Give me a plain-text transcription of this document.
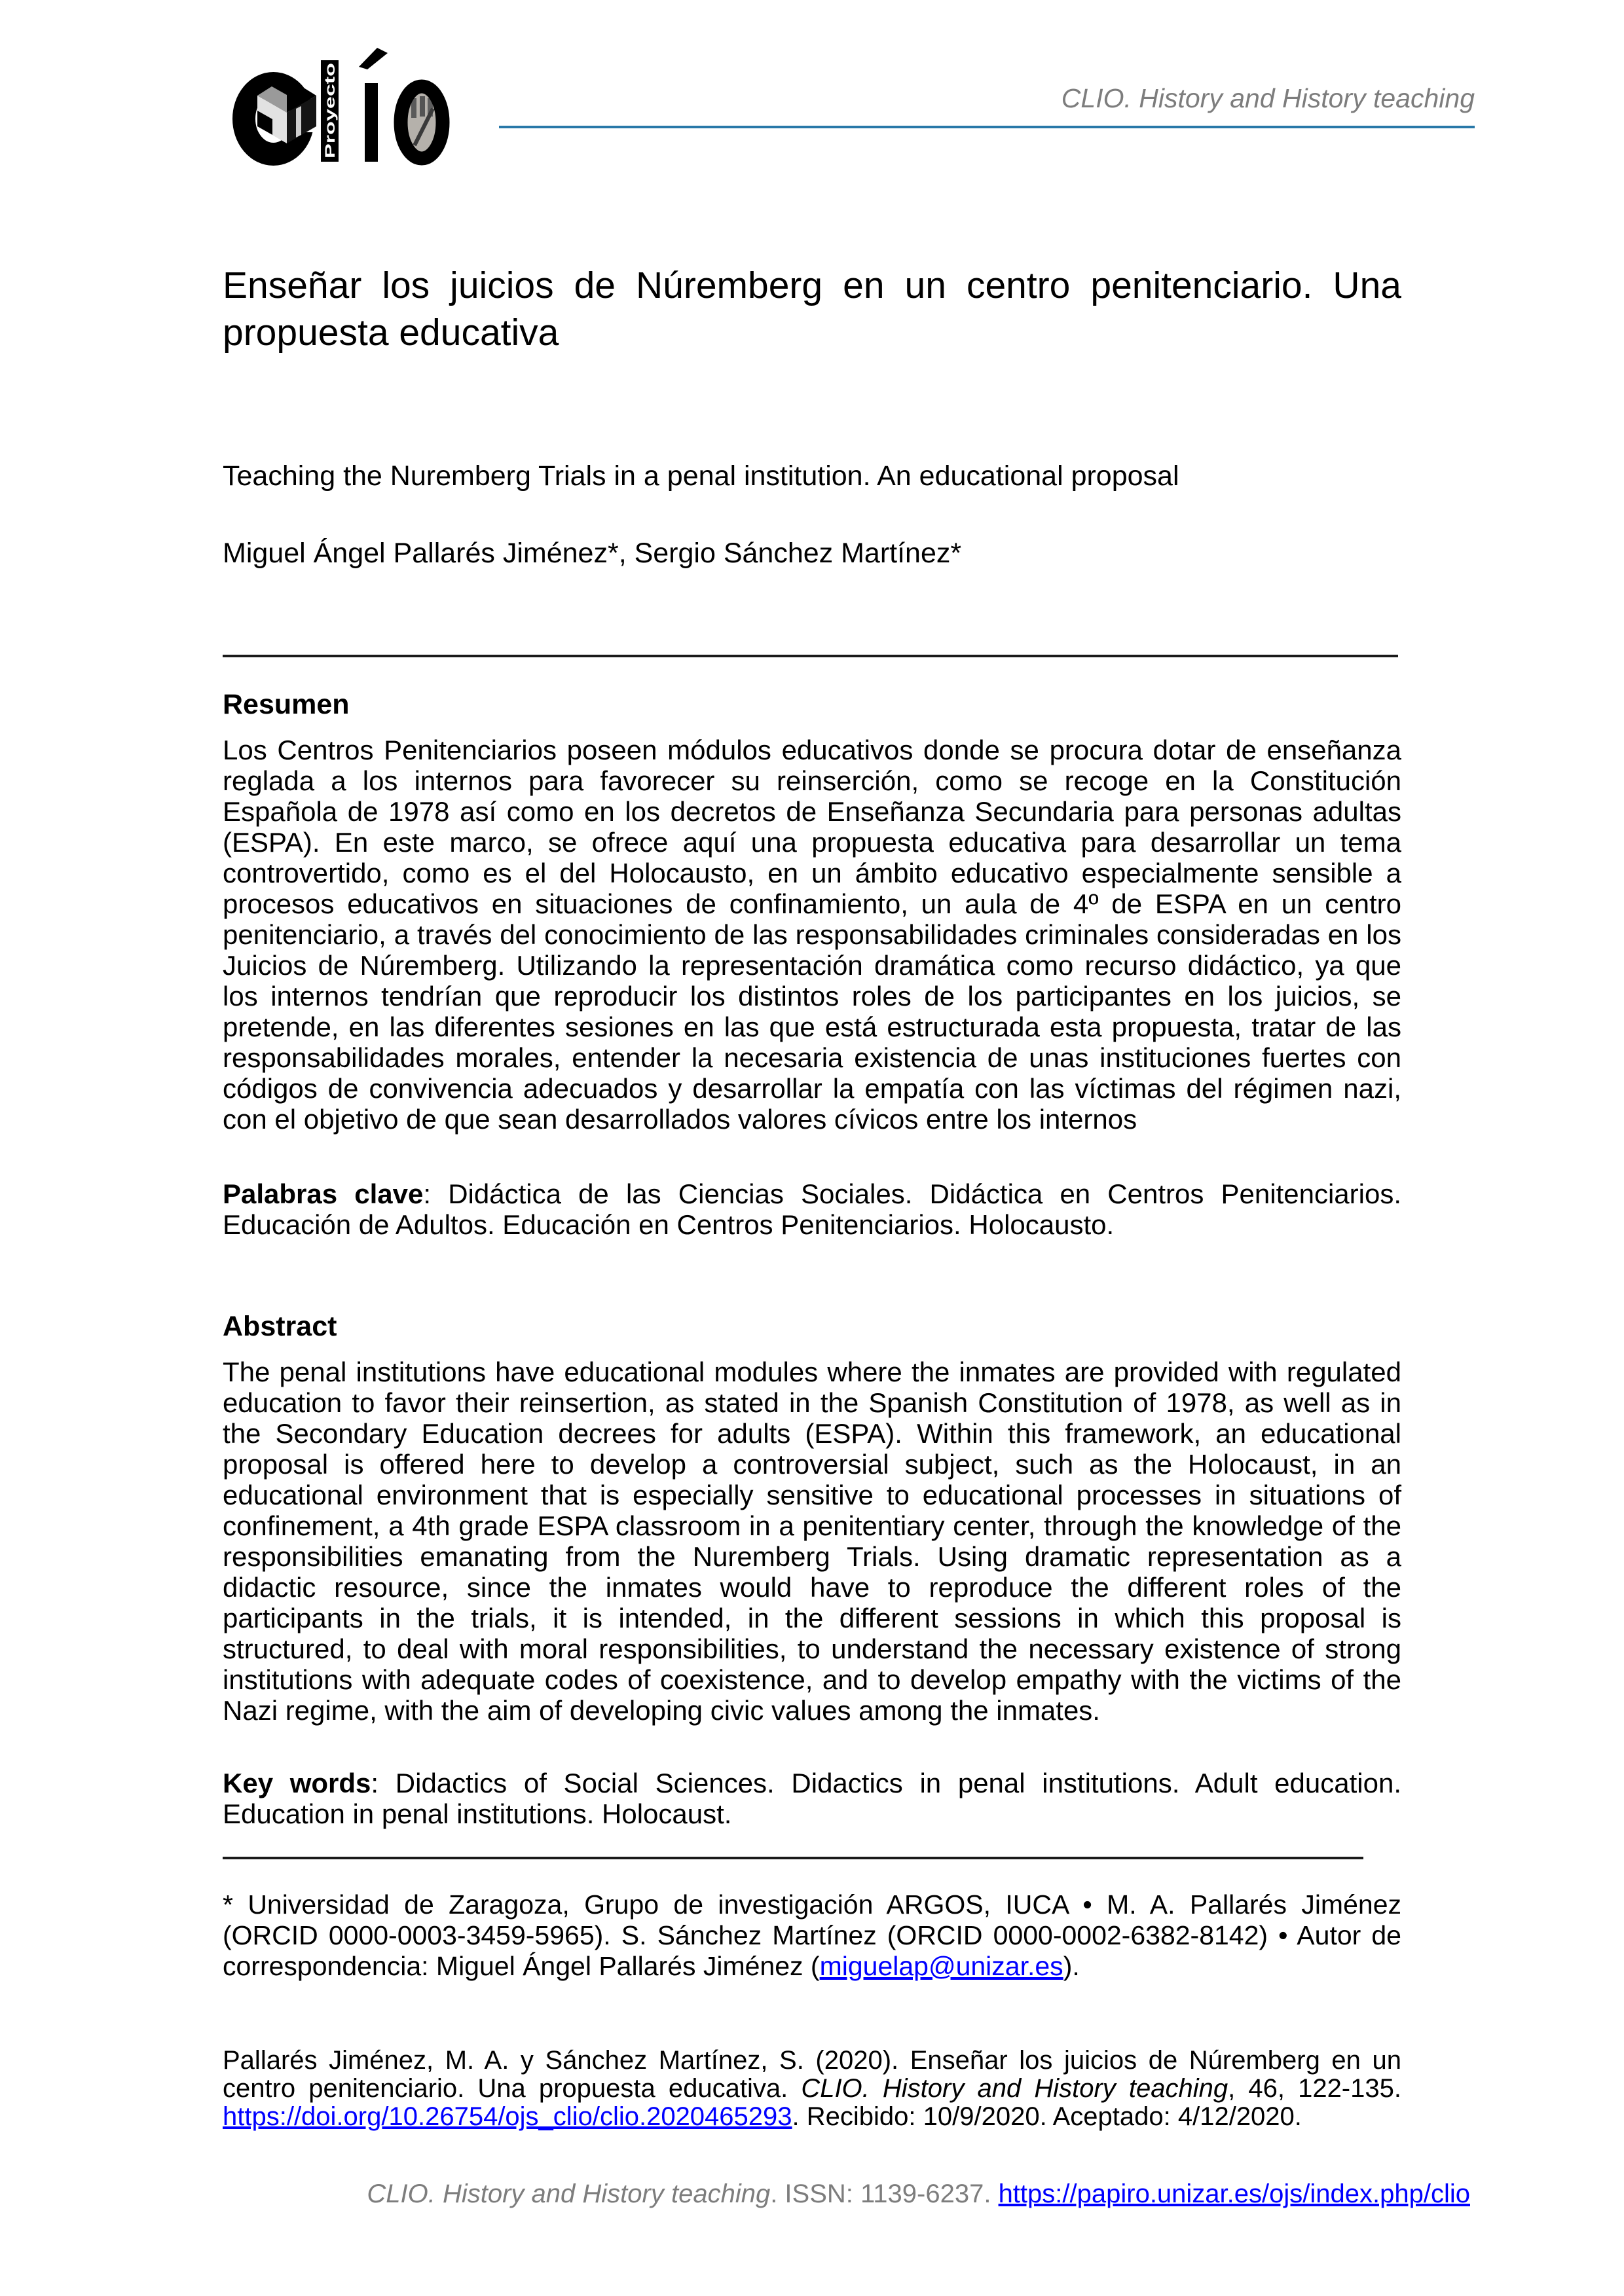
Proyecto
CLIO. History and History teaching
Enseñar los juicios de Núremberg en un centro penitenciario. Una propuesta educativa
Teaching the Nuremberg Trials in a penal institution. An educational proposal
Miguel Ángel Pallarés Jiménez*, Sergio Sánchez Martínez*
Resumen
Los Centros Penitenciarios poseen módulos educativos donde se procura dotar de enseñanza reglada a los internos para favorecer su reinserción, como se recoge en la Constitución Española de 1978 así como en los decretos de Enseñanza Secundaria para personas adultas (ESPA). En este marco, se ofrece aquí una propuesta educativa para desarrollar un tema controvertido, como es el del Holocausto, en un ámbito educativo especialmente sensible a procesos educativos en situaciones de confinamiento, un aula de 4º de ESPA en un centro penitenciario, a través del conocimiento de las responsabilidades criminales consideradas en los Juicios de Núremberg. Utilizando la representación dramática como recurso didáctico, ya que los internos tendrían que reproducir los distintos roles de los participantes en los juicios, se pretende, en las diferentes sesiones en las que está estructurada esta propuesta, tratar de las responsabilidades morales, entender la necesaria existencia de unas instituciones fuertes con códigos de convivencia adecuados y desarrollar la empatía con las víctimas del régimen nazi, con el objetivo de que sean desarrollados valores cívicos entre los internos
Palabras clave: Didáctica de las Ciencias Sociales. Didáctica en Centros Penitenciarios. Educación de Adultos. Educación en Centros Penitenciarios. Holocausto.
Abstract
The penal institutions have educational modules where the inmates are provided with regulated education to favor their reinsertion, as stated in the Spanish Constitution of 1978, as well as in the Secondary Education decrees for adults (ESPA). Within this framework, an educational proposal is offered here to develop a controversial subject, such as the Holocaust, in an educational environment that is especially sensitive to educational processes in situations of confinement, a 4th grade ESPA classroom in a penitentiary center, through the knowledge of the responsibilities emanating from the Nuremberg Trials. Using dramatic representation as a didactic resource, since the inmates would have to reproduce the different roles of the participants in the trials, it is intended, in the different sessions in which this proposal is structured, to deal with moral responsibilities, to understand the necessary existence of strong institutions with adequate codes of coexistence, and to develop empathy with the victims of the Nazi regime, with the aim of developing civic values among the inmates.
Key words: Didactics of Social Sciences. Didactics in penal institutions. Adult education. Education in penal institutions. Holocaust.
* Universidad de Zaragoza, Grupo de investigación ARGOS, IUCA • M. A. Pallarés Jiménez (ORCID 0000-0003-3459-5965). S. Sánchez Martínez (ORCID 0000-0002-6382-8142) • Autor de correspondencia: Miguel Ángel Pallarés Jiménez (miguelap@unizar.es).
Pallarés Jiménez, M. A. y Sánchez Martínez, S. (2020). Enseñar los juicios de Núremberg en un centro penitenciario. Una propuesta educativa. CLIO. History and History teaching, 46, 122-135. https://doi.org/10.26754/ojs_clio/clio.2020465293. Recibido: 10/9/2020. Aceptado: 4/12/2020.
CLIO. History and History teaching. ISSN: 1139-6237. https://papiro.unizar.es/ojs/index.php/clio
